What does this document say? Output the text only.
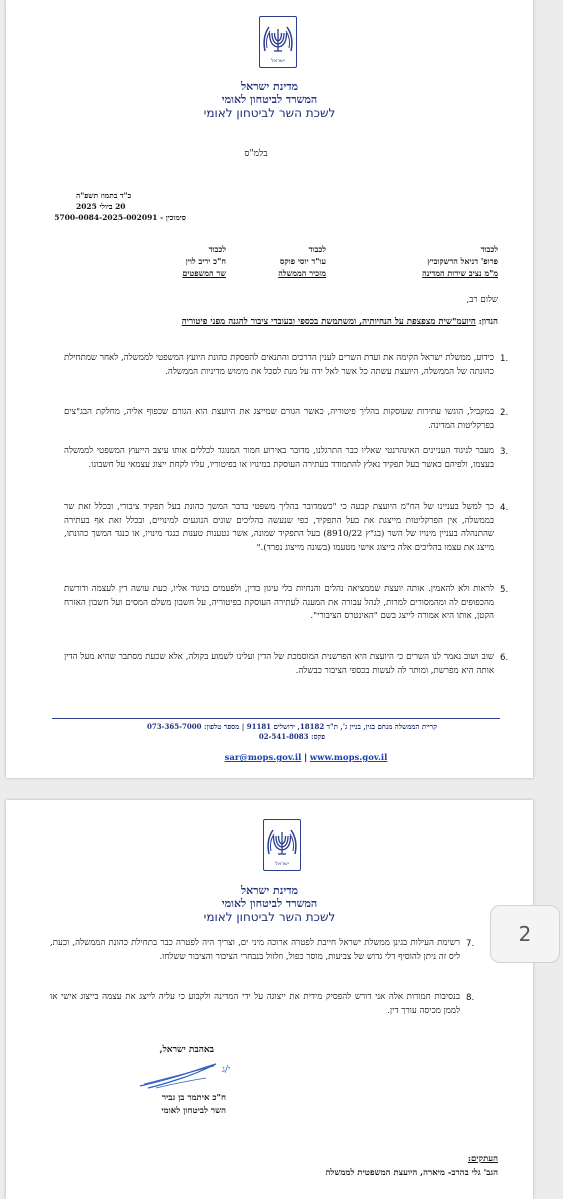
ישראל
מדינת ישראל
המשרד לביטחון לאומי
לשכת השר לביטחון לאומי
בלמ"ס
כ"ד בתמוז תשפ"ה
20 ביולי 2025
סימוכין - 5700-0084-2025-002091
לכבוד
פרופ' דניאל הרשקוביץ
מ"מ נציב שירות המדינה
לכבוד
עו"ד יוסי פוקס
מזכיר הממשלה
לכבוד
ח"כ יריב לוין
שר המשפטים
שלום רב,
הנדון: היועמ"שית מצפצפת על הנחיותיה, ומשתמשת בכספי ובעובדי ציבור להגנה מפני פיטוריה
1.
כידוע, ממשלת ישראל הקימה את ועדת השרים לענין הדרכים והתנאים להפסקת כהונת היועץ המשפטי לממשלה, לאחר שמתחילת כהונתה של הממשלה, היועצת עשתה כל אשר לאל ידה על מנת לסכל את מימוש מדיניות הממשלה.
2.
במקביל, הוגשו עתירות שעוסקות בהליך פיטוריה, כאשר הגורם שמייצג את היועצת הוא הגורם שכפוף אליה, מחלקת הבג"צים בפרקליטות המדינה.
3.
מעבר לניגוד העניינים האינהרנטי שאליו כבר התרגלנו, מדובר באירוע חמור המנוגד לכללים אותו עיצב הייעוץ המשפטי לממשלה בעצמו, ולפיהם כאשר בעל תפקיד נאלץ להתמודד בעתירה העוסקת במינויו או בפיטוריו, עליו לקחת ייצוג עצמאי על חשבונו.
4.
כך למשל בעניינו של הח"מ היועצת קבעה כי "כשמדובר בהליך משפטי בדבר המשך כהונת בעל תפקיד ציבורי, ובכלל זאת שר בממשלה, אין הפרקליטות מייצגת את בעל התפקיד, כפי שנעשה בהליכים שונים הנוגעים למינויים, ובכלל זאת אף בעתירה שהתנהלה בעניין מינויו של השר (בג"ץ 8910/22) בעל התפקיד שמונה, אשר נטענות טענות כנגד מינויו, או כנגד המשך כהונתו, מייצג את עצמו בהליכים אלה בייצוג אישי מטעמו (בשונה מייצוג נפרד)."
5.
לראות ולא להאמין. אותה יועצת שממציאה נהלים והנחיות בלי עיגון בדין, ולפעמים בניגוד אליו, כעת עושה דין לעצמה ודורשת מהכפופים לה ומהמסורים למרות, לנהל עבורה את המענה לעתירה העוסקת בפיטוריה, על חשבון משלם המסים ועל חשבון האזרח הקטן, אותו היא אמורה לייצג בשם "האינטרס הציבורי".
6.
שוב ושוב נאמר לנו השרים כי היועצת היא הפרשנית המוסמכת של הדין ועלינו לשמוע בקולה, אלא שכעת מסתבר שהיא מעל הדין אותה היא מפרשת, ומותר לה לעשות בכספי הציבור כבשלה.
קריית הממשלה מנחם בגין, בניין ג', ת"ד 18182, ירושלים 91181 | מספר טלפון: 073-365-7000
פקס: 02-541-8083
sar@mops.gov.il | www.mops.gov.il
ישראל
מדינת ישראל
המשרד לביטחון לאומי
לשכת השר לביטחון לאומי
7.
רשימת העילות בגינן ממשלת ישראל חייבת לפטרה ארוכה מיני ים, וצריך היה לפטרה כבר בתחילת כהונת הממשלה, וכעת, ליס זה ניתן להוסיף דלי גדוש של צביעות, מוסר כפול, וזלזול בנבחרי הציבור והציבור ששלחו.
8.
בנסיבות חמורות אלה אני דורש להפסיק מידית את ייצוגה על ידי המדינה ולקבוע כי עליה לייצג את עצמה בייצוג אישי או לממן מכיסה עורך דין.
באהבת ישראל,
י/ג
ח"כ איתמר בן גביר
השר לביטחון לאומי
העתקים:
הגב' גלי בהרב- מיארה, היועצת המשפטית לממשלה
2
